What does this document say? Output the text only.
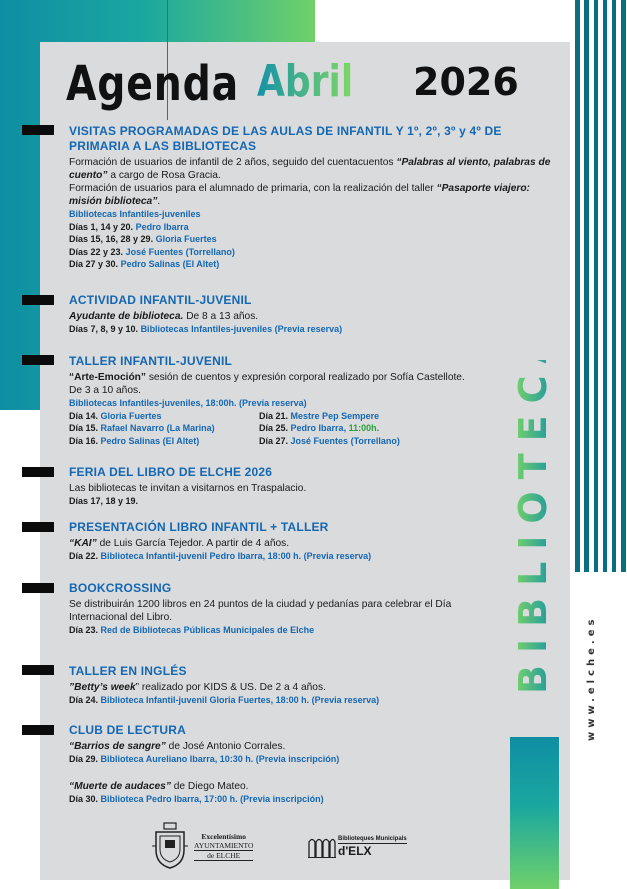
Agenda Abril 2026
BIBLIOTECA	www.elche.es
VISITAS PROGRAMADAS DE LAS AULAS DE INFANTIL Y 1º, 2º, 3º y 4º DE PRIMARIA A LAS BIBLIOTECAS

Formación de usuarios de infantil de 2 años, seguido del cuentacuentos “Palabras al viento, palabras de cuento” a cargo de Rosa Gracia.

Formación de usuarios para el alumnado de primaria, con la realización del taller “Pasaporte viajero: misión biblioteca”.

Bibliotecas Infantiles-juveniles

Días 1, 14 y 20. Pedro Ibarra

Días 15, 16, 28 y 29. Gloria Fuertes

Días 22 y 23. José Fuentes (Torrellano)

Día 27 y 30. Pedro Salinas (El Altet)

ACTIVIDAD INFANTIL-JUVENIL

Ayudante de biblioteca. De 8 a 13 años.

Días 7, 8, 9 y 10. Bibliotecas Infantiles-juveniles (Previa reserva)

TALLER INFANTIL-JUVENIL

“Arte-Emoción” sesión de cuentos y expresión corporal realizado por Sofía Castellote. De 3 a 10 años.

Bibliotecas Infantiles-juveniles, 18:00h. (Previa reserva)

Día 14. Gloria Fuertes

Día 15. Rafael Navarro (La Marina)

Día 16. Pedro Salinas (El Altet)

Día 21. Mestre Pep Sempere

Día 25. Pedro Ibarra, 11:00h.

Día 27. José Fuentes (Torrellano)

FERIA DEL LIBRO DE ELCHE 2026

Las bibliotecas te invitan a visitarnos en Traspalacio.

Días 17, 18 y 19.

PRESENTACIÓN LIBRO INFANTIL + TALLER

“KAI” de Luis García Tejedor. A partir de 4 años.

Día 22. Biblioteca Infantil-juvenil Pedro Ibarra, 18:00 h. (Previa reserva)

BOOKCROSSING

Se distribuirán 1200 libros en 24 puntos de la ciudad y pedanías para celebrar el Día Internacional del Libro.

Día 23. Red de Bibliotecas Públicas Municipales de Elche

TALLER EN INGLÉS

”Betty’s week” realizado por KIDS & US. De 2 a 4 años.

Día 24. Biblioteca Infantil-juvenil Gloria Fuertes, 18:00 h. (Previa reserva)

CLUB DE LECTURA

“Barrios de sangre” de José Antonio Corrales.

Día 29. Biblioteca Aureliano Ibarra, 10:30 h. (Previa inscripción)

“Muerte de audaces” de Diego Mateo.

Día 30. Biblioteca Pedro Ibarra, 17:00 h. (Previa inscripción)

Excelentísimo
AYUNTAMIENTO
de ELCHE
Biblioteques Municipals
d'ELX
